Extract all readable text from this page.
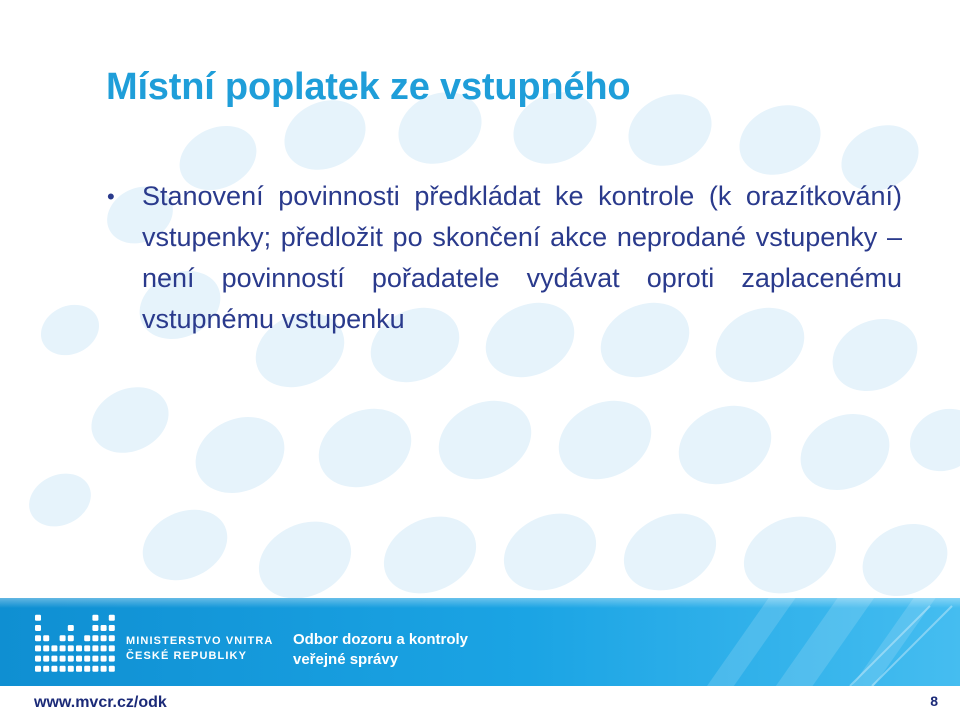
Místní poplatek ze vstupného
• Stanovení povinnosti předkládat ke kontrole (k orazítkování) vstupenky; předložit po skončení akce neprodané vstupenky – není povinností pořadatele vydávat oproti zaplacenému vstupnému vstupenku
MINISTERSTVO VNITRA
ČESKÉ REPUBLIKY
Odbor dozoru a kontroly
veřejné správy
www.mvcr.cz/odk	8
